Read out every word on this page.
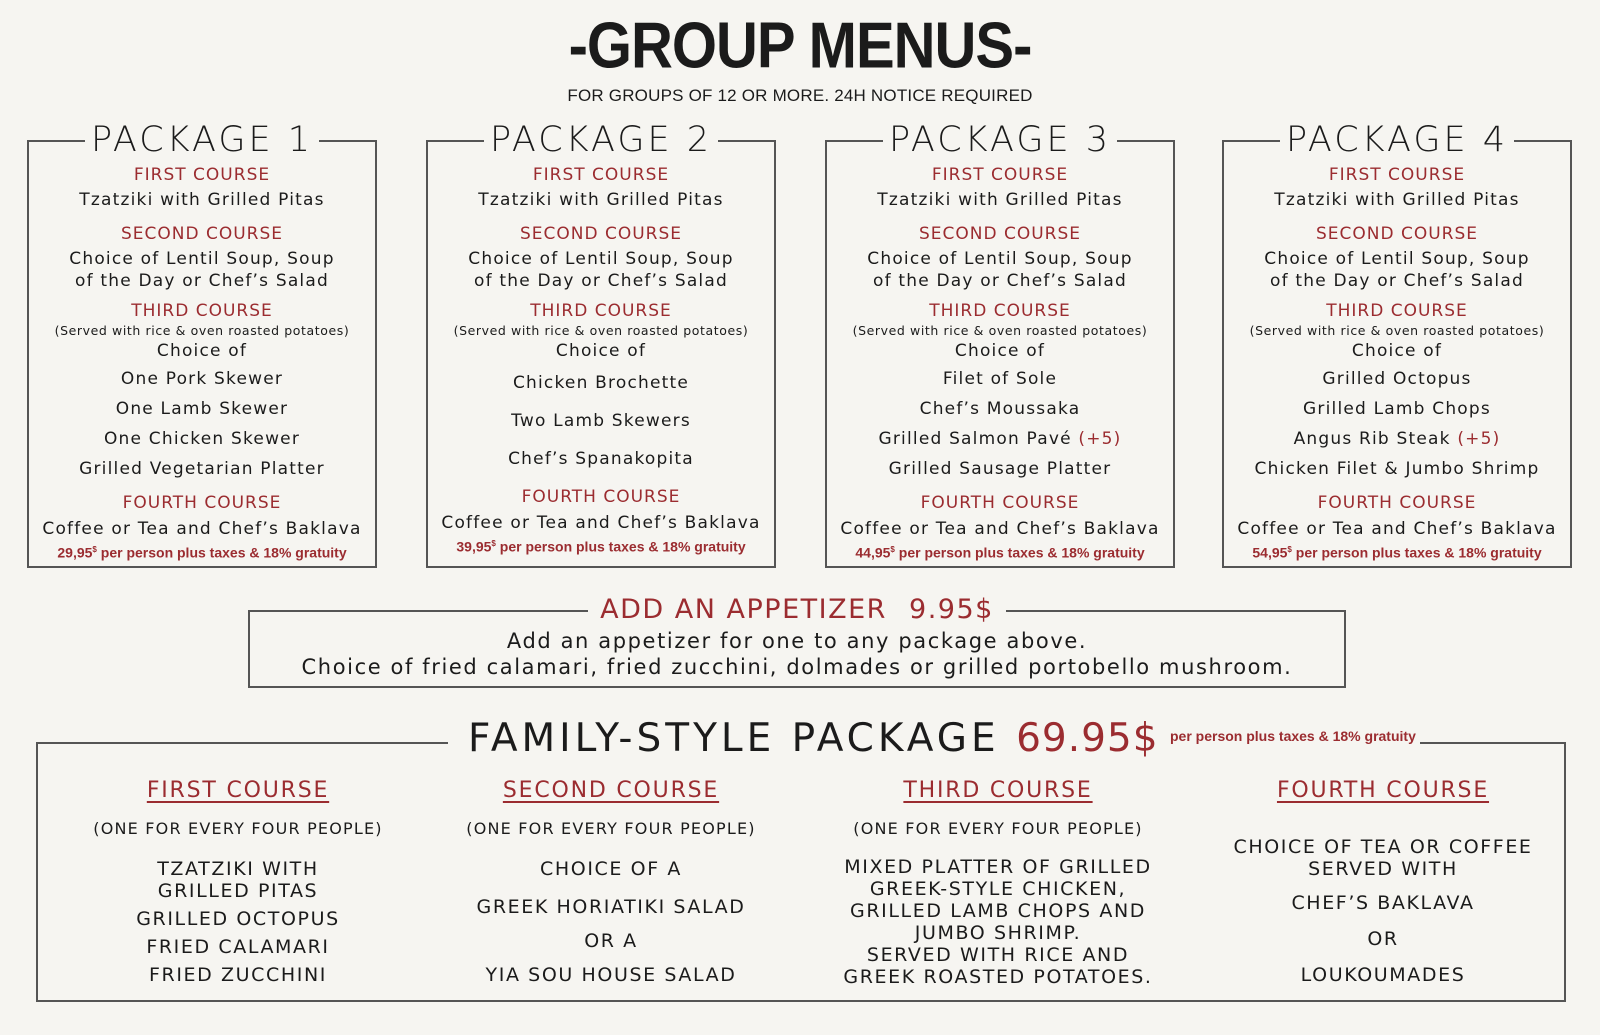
-GROUP MENUS-
FOR GROUPS OF 12 OR MORE. 24H NOTICE REQUIRED
PACKAGE 1
FIRST COURSE
Tzatziki with Grilled Pitas
SECOND COURSE
Choice of Lentil Soup, Soup
of the Day or Chef’s Salad
THIRD COURSE
(Served with rice & oven roasted potatoes)
Choice of
One Pork Skewer
One Lamb Skewer
One Chicken Skewer
Grilled Vegetarian Platter
FOURTH COURSE
Coffee or Tea and Chef’s Baklava
29,95$ per person plus taxes & 18% gratuity
PACKAGE 2
FIRST COURSE
Tzatziki with Grilled Pitas
SECOND COURSE
Choice of Lentil Soup, Soup
of the Day or Chef’s Salad
THIRD COURSE
(Served with rice & oven roasted potatoes)
Choice of
Chicken Brochette
Two Lamb Skewers
Chef’s Spanakopita
FOURTH COURSE
Coffee or Tea and Chef’s Baklava
39,95$ per person plus taxes & 18% gratuity
PACKAGE 3
FIRST COURSE
Tzatziki with Grilled Pitas
SECOND COURSE
Choice of Lentil Soup, Soup
of the Day or Chef’s Salad
THIRD COURSE
(Served with rice & oven roasted potatoes)
Choice of
Filet of Sole
Chef’s Moussaka
Grilled Salmon Pavé (+5)
Grilled Sausage Platter
FOURTH COURSE
Coffee or Tea and Chef’s Baklava
44,95$ per person plus taxes & 18% gratuity
PACKAGE 4
FIRST COURSE
Tzatziki with Grilled Pitas
SECOND COURSE
Choice of Lentil Soup, Soup
of the Day or Chef’s Salad
THIRD COURSE
(Served with rice & oven roasted potatoes)
Choice of
Grilled Octopus
Grilled Lamb Chops
Angus Rib Steak (+5)
Chicken Filet & Jumbo Shrimp
FOURTH COURSE
Coffee or Tea and Chef’s Baklava
54,95$ per person plus taxes & 18% gratuity
ADD AN APPETIZER 9.95$
Add an appetizer for one to any package above.
Choice of fried calamari, fried zucchini, dolmades or grilled portobello mushroom.
FAMILY-STYLE PACKAGE 69.95$ per person plus taxes & 18% gratuity
FIRST COURSE
(ONE FOR EVERY FOUR PEOPLE)
TZATZIKI WITH
GRILLED PITAS
GRILLED OCTOPUS
FRIED CALAMARI
FRIED ZUCCHINI
SECOND COURSE
(ONE FOR EVERY FOUR PEOPLE)
CHOICE OF A
GREEK HORIATIKI SALAD
OR A
YIA SOU HOUSE SALAD
THIRD COURSE
(ONE FOR EVERY FOUR PEOPLE)
MIXED PLATTER OF GRILLED
GREEK-STYLE CHICKEN,
GRILLED LAMB CHOPS AND
JUMBO SHRIMP.
SERVED WITH RICE AND
GREEK ROASTED POTATOES.
FOURTH COURSE
CHOICE OF TEA OR COFFEE
SERVED WITH
CHEF’S BAKLAVA
OR
LOUKOUMADES
